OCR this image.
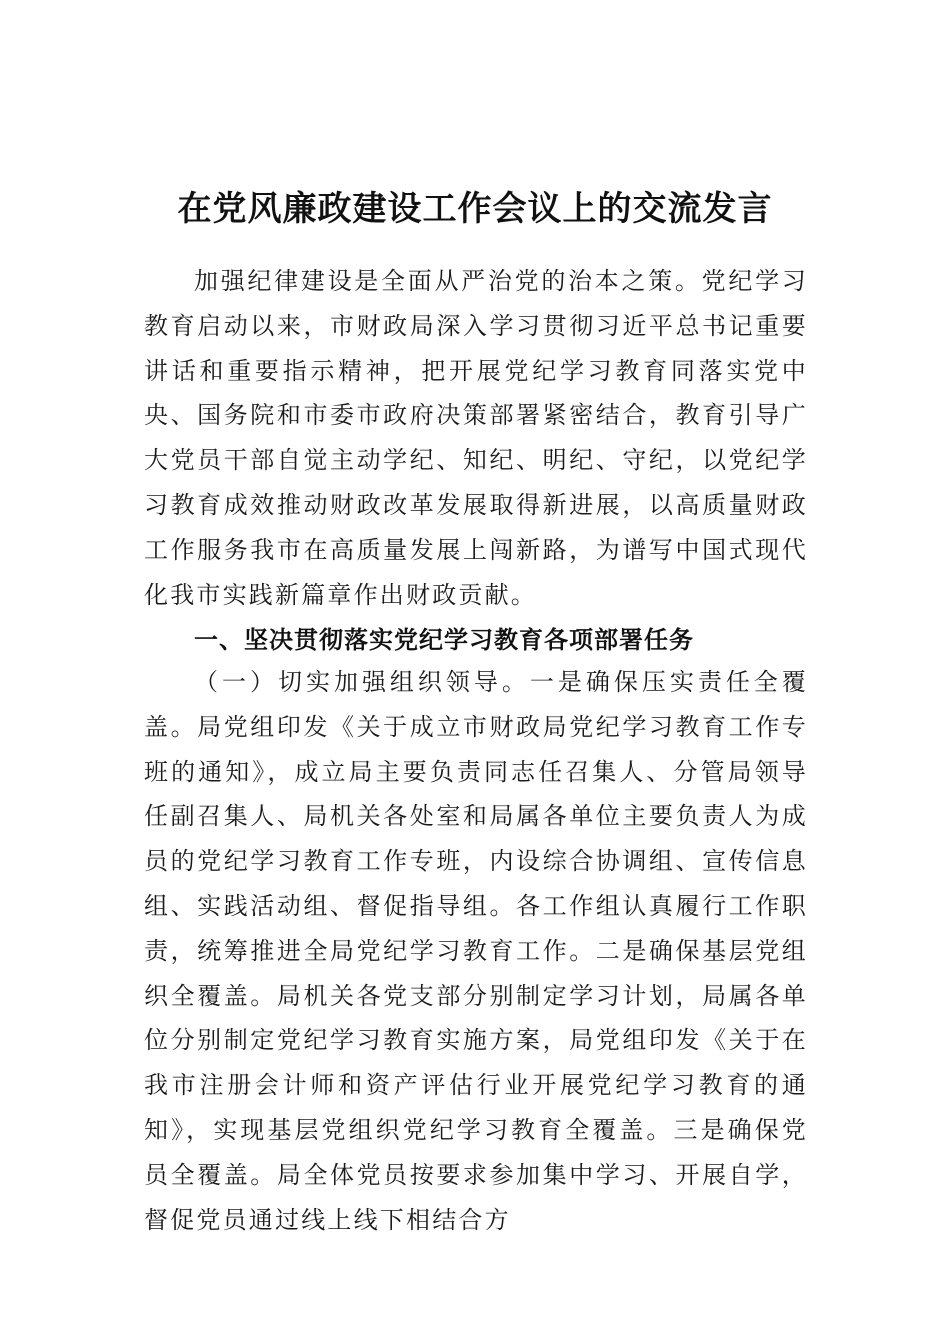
在党风廉政建设工作会议上的交流发言

加强纪律建设是全面从严治党的治本之策。党纪学习教育启动以来，市财政局深入学习贯彻习近平总书记重要讲话和重要指示精神，把开展党纪学习教育同落实党中央、国务院和市委市政府决策部署紧密结合，教育引导广大党员干部自觉主动学纪、知纪、明纪、守纪，以党纪学习教育成效推动财政改革发展取得新进展，以高质量财政工作服务我市在高质量发展上闯新路，为谱写中国式现代化我市实践新篇章作出财政贡献。

一、坚决贯彻落实党纪学习教育各项部署任务

（一）切实加强组织领导。一是确保压实责任全覆盖。局党组印发《关于成立市财政局党纪学习教育工作专班的通知》，成立局主要负责同志任召集人、分管局领导任副召集人、局机关各处室和局属各单位主要负责人为成员的党纪学习教育工作专班，内设综合协调组、宣传信息组、实践活动组、督促指导组。各工作组认真履行工作职责，统筹推进全局党纪学习教育工作。二是确保基层党组织全覆盖。局机关各党支部分别制定学习计划，局属各单位分别制定党纪学习教育实施方案，局党组印发《关于在我市注册会计师和资产评估行业开展党纪学习教育的通知》，实现基层党组织党纪学习教育全覆盖。三是确保党员全覆盖。局全体党员按要求参加集中学习、开展自学，督促党员通过线上线下相结合方
